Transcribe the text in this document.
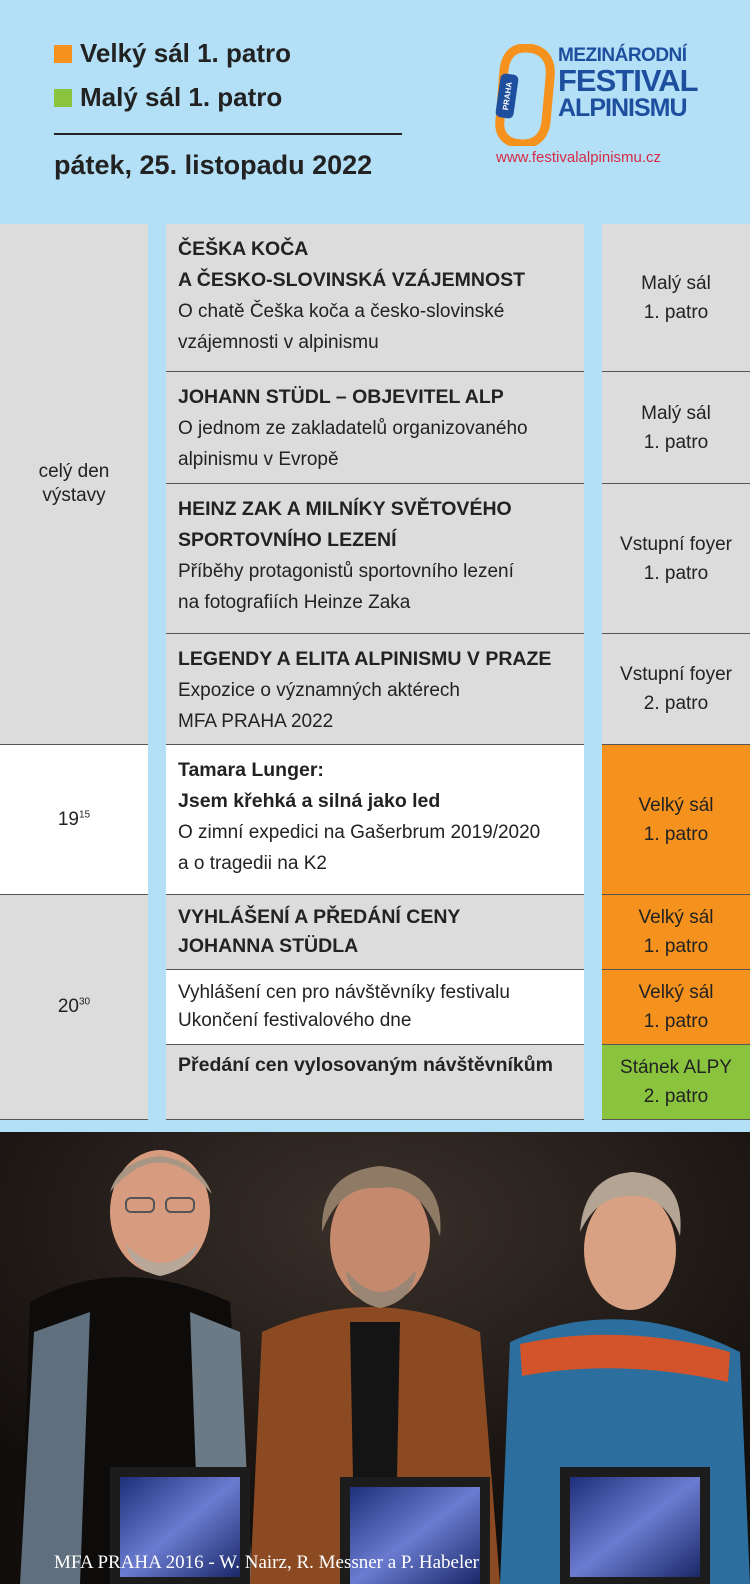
Velký sál 1. patro
Malý sál 1. patro
pátek, 25. listopadu 2022
PRAHA
MEZINÁRODNÍ
FESTIVAL
ALPINISMU
www.festivalalpinismu.cz
celý den
výstavy
$19^{15}$
$20^{30}$
ČEŠKA KOČA
A ČESKO-SLOVINSKÁ VZÁJEMNOST
O chatě Češka koča a česko-slovinské
vzájemnosti v alpinismu
JOHANN STÜDL – OBJEVITEL ALP
O jednom ze zakladatelů organizovaného
alpinismu v Evropě
HEINZ ZAK A MILNÍKY SVĚTOVÉHO
SPORTOVNÍHO LEZENÍ
Příběhy protagonistů sportovního lezení
na fotografiích Heinze Zaka
LEGENDY A ELITA ALPINISMU V PRAZE
Expozice o významných aktérech
MFA PRAHA 2022
Tamara Lunger:
Jsem křehká a silná jako led
O zimní expedici na Gašerbrum 2019/2020
a o tragedii na K2
VYHLÁŠENÍ A PŘEDÁNÍ CENY
JOHANNA STÜDLA
Vyhlášení cen pro návštěvníky festivalu
Ukončení festivalového dne
Předání cen vylosovaným návštěvníkům
Malý sál
1. patro
Malý sál
1. patro
Vstupní foyer
1. patro
Vstupní foyer
2. patro
Velký sál
1. patro
Velký sál
1. patro
Velký sál
1. patro
Stánek ALPY
2. patro
MFA PRAHA 2016 - W. Nairz, R. Messner a P. Habeler
